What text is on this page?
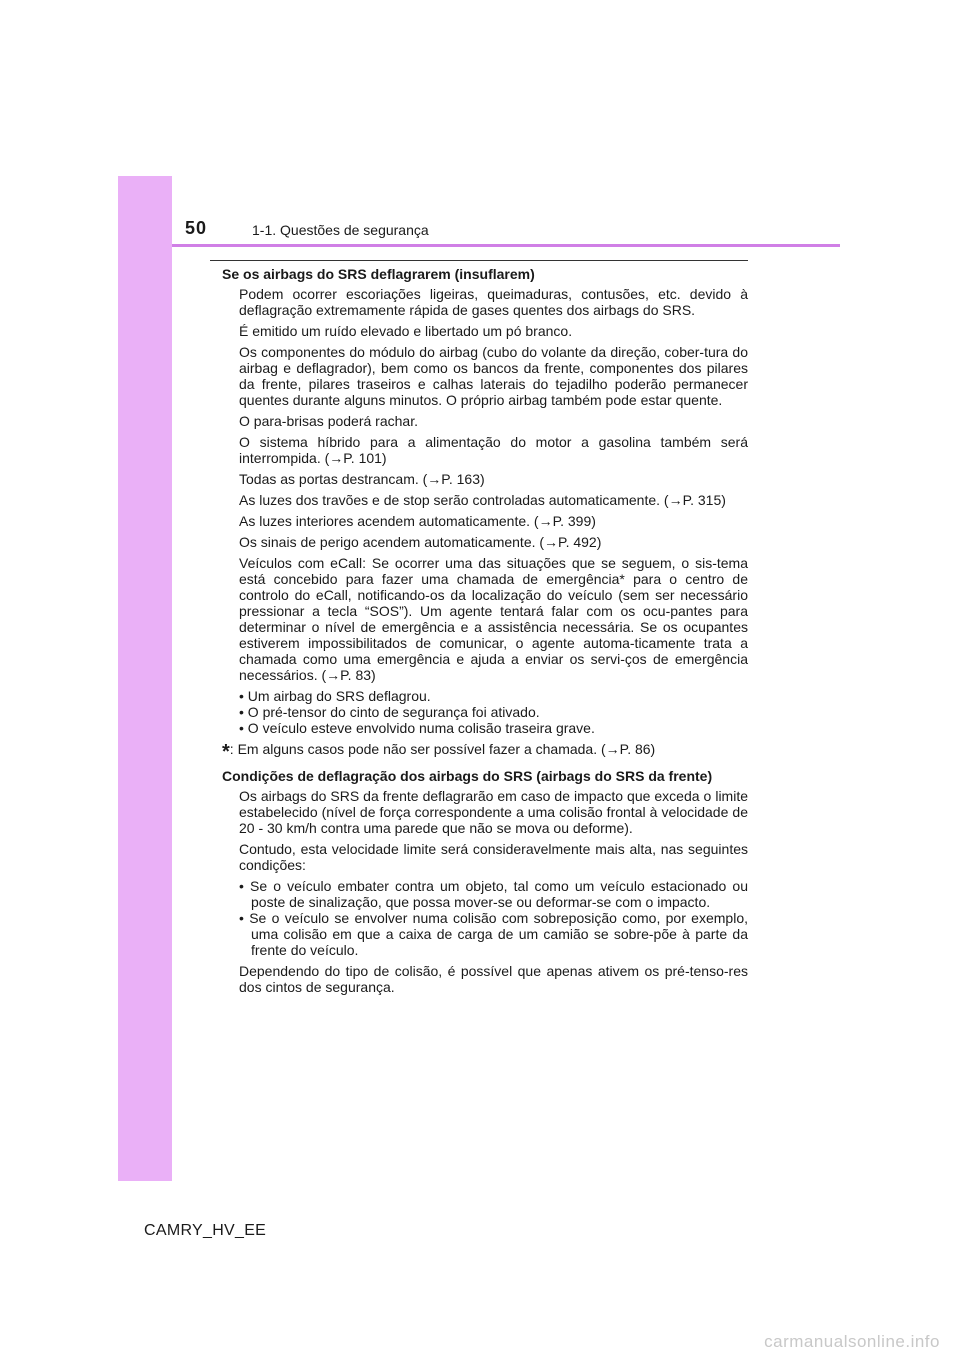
50	1-1. Questões de segurança
Se os airbags do SRS deflagrarem (insuflarem)
Podem ocorrer escoriações ligeiras, queimaduras, contusões, etc. devido à deflagração extremamente rápida de gases quentes dos airbags do SRS.
É emitido um ruído elevado e libertado um pó branco.
Os componentes do módulo do airbag (cubo do volante da direção, cober-tura do airbag e deflagrador), bem como os bancos da frente, componentes dos pilares da frente, pilares traseiros e calhas laterais do tejadilho poderão permanecer quentes durante alguns minutos. O próprio airbag também pode estar quente.
O para-brisas poderá rachar.
O sistema híbrido para a alimentação do motor a gasolina também será interrompida. (→P. 101)
Todas as portas destrancam. (→P. 163)
As luzes dos travões e de stop serão controladas automaticamente. (→P. 315)
As luzes interiores acendem automaticamente. (→P. 399)
Os sinais de perigo acendem automaticamente. (→P. 492)
Veículos com eCall: Se ocorrer uma das situações que se seguem, o sis-tema está concebido para fazer uma chamada de emergência* para o centro de controlo do eCall, notificando-os da localização do veículo (sem ser necessário pressionar a tecla “SOS”). Um agente tentará falar com os ocu-pantes para determinar o nível de emergência e a assistência necessária. Se os ocupantes estiverem impossibilitados de comunicar, o agente automa-ticamente trata a chamada como uma emergência e ajuda a enviar os servi-ços de emergência necessários. (→P. 83)
• Um airbag do SRS deflagrou.
• O pré-tensor do cinto de segurança foi ativado.
• O veículo esteve envolvido numa colisão traseira grave.
*: Em alguns casos pode não ser possível fazer a chamada. (→P. 86)
Condições de deflagração dos airbags do SRS (airbags do SRS da frente)
Os airbags do SRS da frente deflagrarão em caso de impacto que exceda o limite estabelecido (nível de força correspondente a uma colisão frontal à velocidade de 20 - 30 km/h contra uma parede que não se mova ou deforme).
Contudo, esta velocidade limite será consideravelmente mais alta, nas seguintes condições:
• Se o veículo embater contra um objeto, tal como um veículo estacionado ou poste de sinalização, que possa mover-se ou deformar-se com o impacto.
• Se o veículo se envolver numa colisão com sobreposição como, por exemplo, uma colisão em que a caixa de carga de um camião se sobre-põe à parte da frente do veículo.
Dependendo do tipo de colisão, é possível que apenas ativem os pré-tenso-res dos cintos de segurança.
CAMRY_HV_EE
carmanualsonline.info
